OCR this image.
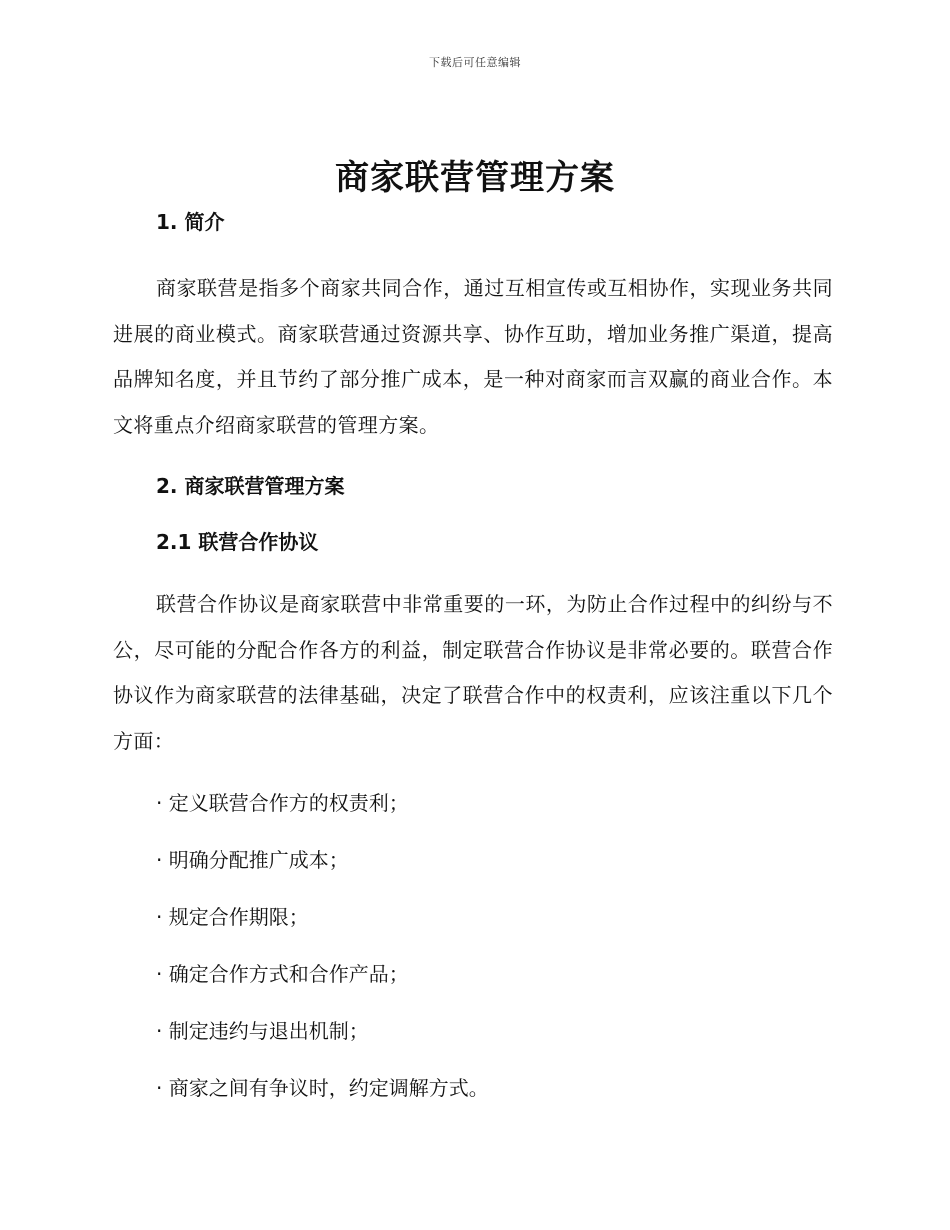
下载后可任意编辑
商家联营管理方案
1. 简介

商家联营是指多个商家共同合作，通过互相宣传或互相协作，实现业务共同进展的商业模式。商家联营通过资源共享、协作互助，增加业务推广渠道，提高品牌知名度，并且节约了部分推广成本，是一种对商家而言双赢的商业合作。本文将重点介绍商家联营的管理方案。

2. 商家联营管理方案
2.1 联营合作协议

联营合作协议是商家联营中非常重要的一环，为防止合作过程中的纠纷与不公，尽可能的分配合作各方的利益，制定联营合作协议是非常必要的。联营合作协议作为商家联营的法律基础，决定了联营合作中的权责利，应该注重以下几个方面：

· 定义联营合作方的权责利；
· 明确分配推广成本；
· 规定合作期限；
· 确定合作方式和合作产品；
· 制定违约与退出机制；
· 商家之间有争议时，约定调解方式。
